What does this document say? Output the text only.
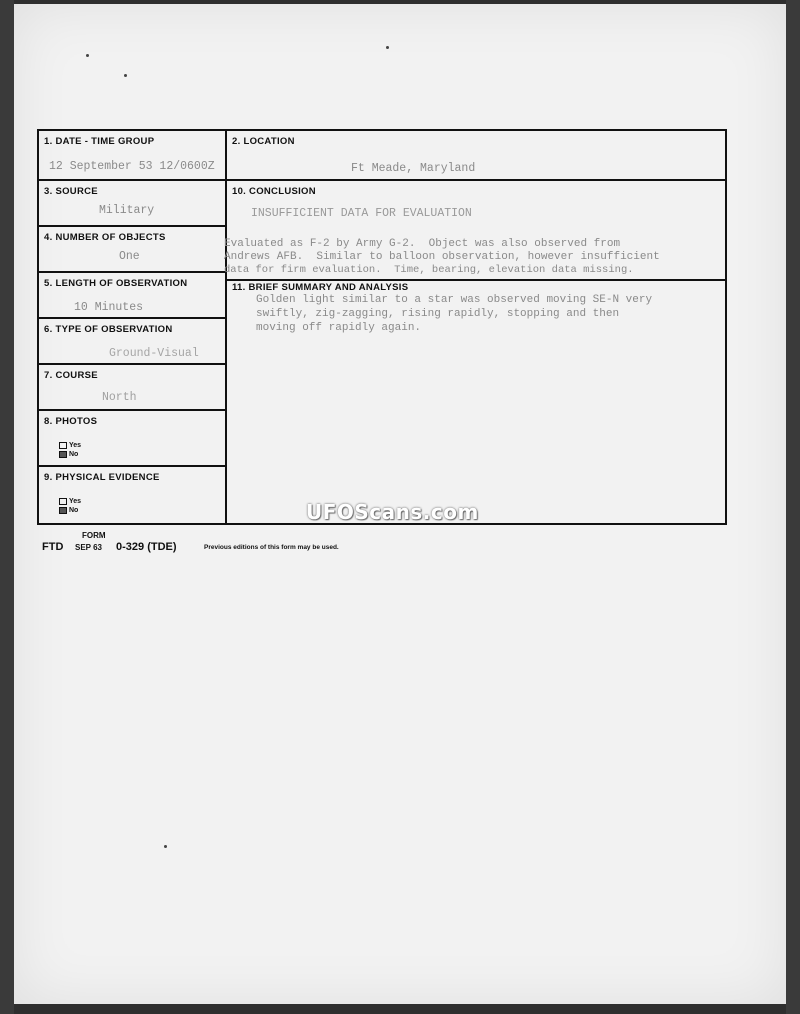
1. DATE - TIME GROUP
12 September 53 12/0600Z
3. SOURCE
Military
4. NUMBER OF OBJECTS
One
5. LENGTH OF OBSERVATION
10 Minutes
6. TYPE OF OBSERVATION
Ground-Visual
7. COURSE
North
8. PHOTOS
Yes
No
9. PHYSICAL EVIDENCE
Yes
No
2. LOCATION
Ft Meade, Maryland
10. CONCLUSION
INSUFFICIENT DATA FOR EVALUATION
11. BRIEF SUMMARY AND ANALYSIS
Evaluated as F-2 by Army G-2.  Object was also observed from
Andrews AFB.  Similar to balloon observation, however insufficient
data for firm evaluation.  Time, bearing, elevation data missing.
Golden light similar to a star was observed moving SE-N very
swiftly, zig-zagging, rising rapidly, stopping and then
moving off rapidly again.
UFOScans.com
FORM
FTD SEP 63 0-329 (TDE)	Previous editions of this form may be used.
